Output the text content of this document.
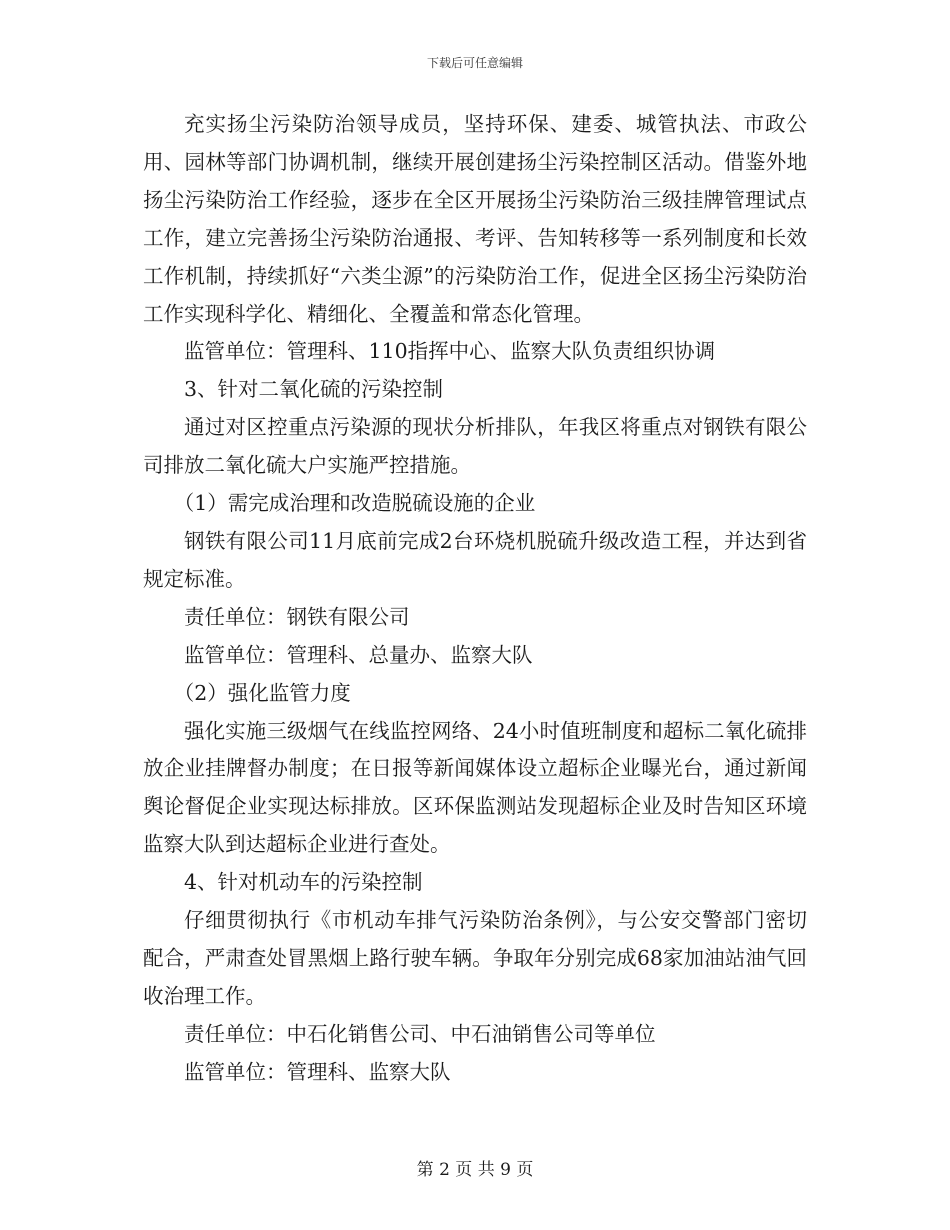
下载后可任意编辑

充实扬尘污染防治领导成员，坚持环保、建委、城管执法、市政公用、园林等部门协调机制，继续开展创建扬尘污染控制区活动。借鉴外地扬尘污染防治工作经验，逐步在全区开展扬尘污染防治三级挂牌管理试点工作，建立完善扬尘污染防治通报、考评、告知转移等一系列制度和长效工作机制，持续抓好“六类尘源”的污染防治工作，促进全区扬尘污染防治工作实现科学化、精细化、全覆盖和常态化管理。

监管单位：管理科、110指挥中心、监察大队负责组织协调

3、针对二氧化硫的污染控制

通过对区控重点污染源的现状分析排队，年我区将重点对钢铁有限公司排放二氧化硫大户实施严控措施。

（1）需完成治理和改造脱硫设施的企业

钢铁有限公司11月底前完成2台环烧机脱硫升级改造工程，并达到省规定标准。

责任单位：钢铁有限公司

监管单位：管理科、总量办、监察大队

（2）强化监管力度

强化实施三级烟气在线监控网络、24小时值班制度和超标二氧化硫排放企业挂牌督办制度；在日报等新闻媒体设立超标企业曝光台，通过新闻舆论督促企业实现达标排放。区环保监测站发现超标企业及时告知区环境监察大队到达超标企业进行查处。

4、针对机动车的污染控制

仔细贯彻执行《市机动车排气污染防治条例》，与公安交警部门密切配合，严肃查处冒黑烟上路行驶车辆。争取年分别完成68家加油站油气回收治理工作。

责任单位：中石化销售公司、中石油销售公司等单位

监管单位：管理科、监察大队

第 2 页 共 9 页
